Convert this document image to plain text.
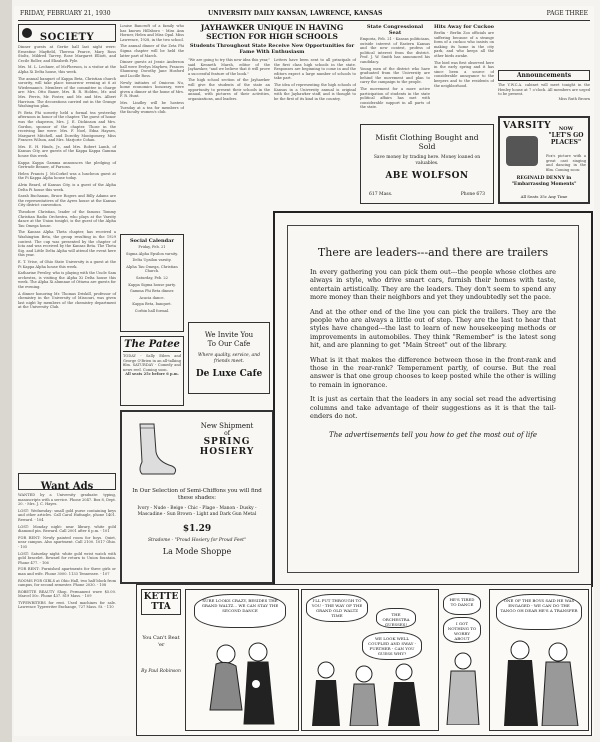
FRIDAY, FEBRUARY 21, 1930	UNIVERSITY DAILY KANSAN, LAWRENCE, KANSAS	PAGE THREE
SOCIETY

Dinner guests at Gertie hall last night were: Ernestine Mayfield, Theresa Pearce, Mary Ross Stoltz, Mildred Tarvey, Rose Margaret Elliott, and Cecile Roller, and Elizabeth Pyle.

Mrs. M. L. Lechner, of McPherson, is a visitor at the Alpha Xi Delta house, this week.

The annual banquet of Kappa Beta, Christian church sorority, will take place tomorrow evening at 6 at Wiedemann's. Members of the committee in charge are: Mrs. Otto Bauer, Mrs. B. R. Holden, Mr. and Mrs. Ferris, Mr. Foster, and Mr. and Mrs. Albert Harrison. The decorations carried out in the Grange Washington plan.

Pi Beta Phi sorority held a formal tea yesterday afternoon in honor of the chapter. The guest of honor was the chaperon, Mrs. J. E. Dickinson and Mrs. Gordon, sponsor of the chapter. Those in the receiving line were: Mrs. F. Noel, Edna Haynes, Margaret Mitchell, and Dorothy Montgomery, Miss Frances Wilson, and Mrs. Marjorie Cohan.

Mrs. E. H. Hinds, Jr., and Mrs. Robert Lamb, of Kansas City, are guests of the Kappa Kappa Gamma house this week.

Kappa Kappa Gamma announces the pledging of Gertrude Benner, of Parsons.

Helen Francis J. McCorkel was a luncheon guest at the Pi Kappa Alpha house today.

Alvin Beard, of Kansas City, is a guest of the Alpha Delta Pi house this week.

Sarah Buchanan, Bruce Rogers and Billy Adams are the representatives of the Ayres house at the Kansas City district convention.

Theodore Christian, leader of the famous Tommy Christian Radio Orchestra, who plays at the Varsity dance at the Union tonight, is the guest of the Alpha Tau Omega house.

The Kansas Alpha Theta chapter, has received a Washington Beta, the group resulting in the 1929 contest. The cup was presented by the chapter of Iota and was received by the Kansas Beta. The Theta Sig. and Little Delta Alpha will attend the event here this year.

E. T. Vrise, of Ohio State University is a guest at the Pi Kappa Alpha house this week.

Katharine Presley, who is playing with the Uncle Sam orchestra, is visiting the Alpha Xi Delta house this week. The Alpha Xi alumnae of Ottawa are guests for the evening.

A dinner honoring Mr. Thomas Driskill, professor of chemistry in the University of Missouri, was given last night by members of the chemistry department at the University Club.

Want Ads

WANTED by a University graduate: typing, manuscripts with a service. Phone 2047. Box 8, Dept. 20. - Mrs. J. C. Hayes.

LOST: Wednesday: small gold purse containing keys and other articles. Call Carol Hufnagle, phone 1401. Reward. - 104

LOST: Monday night: near library, white gold diamond pin. Reward. Call 2001 after 6 p.m. - 101

FOR RENT: Newly painted room for boys. Quiet, near campus. Also apartment. Call 2100. 1017 Ohio. - 105

LOST: Saturday night: white gold wrist watch with gold bracelet. Reward for return to Union fountain. Phone 477. - 106

FOR RENT: Furnished apartments for three girls or man and wife. Phone 3000. 1133 Tennessee. - 107

ROOMS FOR GIRLS at Ohio Hall, two half block from campus, for second semester. Phone 2030. - 108

BOBETTE BEAUTY Shop. Permanent wave $5.00. Marcel 50c. Phone 437. 819 Mass. - 109

TYPEWRITERS for rent. Used machines for sale. Lawrence Typewriter Exchange, 727 Mass. St. - 110

Louise Bancroft of a family who has known Hillsboro - Miss Ann Horner, Helen and Miss Opal. Miss Lawrence, 1928, in the two school.

The annual dinner of the Zeta Phi Sigma chapter will be held the latter part of March.

Dinner guests at Jessie Anderson hall were Evelyn Mayhew, Frances Shumway, Dorothy Jane Hosford and Lucille Ross.

Newly initiates of Omicron Nu, home economics honorary, were given a dinner at the home of Mrs. F. R. Hunt.

Mrs. Lindley will be hostess Tuesday at a tea for members of the faculty women's club.

Social Calendar

Friday, Feb. 21

Sigma Alpha Epsilon varsity.

Delta Upsilon varsity.

Alpha Tau Omega, Christian Church.

Saturday, Feb. 22

Kappa Sigma house party.

Gamma Phi Beta dinner.

Acacia dance.

Kappa Beta, banquet.

Corbin hall formal.

The Patee
TODAY - Sally Eilers and George O'Brien in an all-talking film. SATURDAY - Comedy and news reel. Coming soon.
All seats 25c before 6 p.m.
JAYHAWKER UNIQUE IN HAVING SECTION FOR HIGH SCHOOLS
Students Throughout State Receive New Opportunities for Fame With Enthusiasm

"We are going to try this new idea this year," said Kenneth Marsh, editor of the Jayhawker, "and we believe that it will prove a successful feature of the book."

The high school section of the Jayhawker will give the students of the state an opportunity to present their schools in the annual, with pictures of their activities, organizations, and leaders.

Letters have been sent to all principals of the first class high schools in the state. Responses are beginning to come in and the editors expect a large number of schools to take part.

The idea of representing the high schools of Kansas in a University annual is original with the Jayhawker staff, and is thought to be the first of its kind in the country.

We Invite You
To Our Cafe
Where quality, service, and friends meet.
De Luxe Cafe
New Shipment
of
SPRING
HOSIERY
In Our Selection of Semi-Chiffons you will find these shades:
Ivory - Nude - Beige - Chic - Plage - Manon - Dusky - Mascadine - Sun Brown - Light and Dark Gun Metal
$1.29
Stradome - "Proud Hosiery for Proud Feet"
La Mode Shoppe
State Congressional Seat

Emporia, Feb. 21 - Kansas politicians, outside interest of Eastern Kansas and the new contest, profess of political interest from the district. Prof. J. W. Smith has announced his candidacy.

Young men of the district who have graduated from the University are behind the movement and plan to carry the campaign to the people.

The movement for a more active participation of students in the state political affairs has met with considerable support in all parts of the state.

Hits Away for Cuckoo

Berlin - Berlin Zoo officials are suffering because of a strange form of a cuckoo who insists on making its home in the city park, and who keeps all the other birds awake.

The bird was first observed here in the early spring and it has since been a source of considerable annoyance to the keepers and to the residents of the neighborhood.

Misfit Clothing Bought and Sold
Save money by trading here. Money loaned on valuables.
ABE WOLFSON
617 Mass.	Phone 673
Announcements
The Y.W.C.A. cabinet will meet tonight in the Henley house at 7 o'clock. All members are urged to be present.
Miss Ruth Brown
VARSITY	NOW
"LET'S GO PLACES"
Fox's picture with a great cast singing and dancing in the film. Coming soon:
REGINALD DENNY in "Embarrassing Moments"
All Seats 35c Any Time
There are leaders---and there are trailers

In every gathering you can pick them out---the people whose clothes are always in style, who drive smart cars, furnish their homes with taste, entertain artistically. They are the leaders. They don't seem to spend any more money than their neighbors and yet they undoubtedly set the pace.

And at the other end of the line you can pick the trailers. They are the people who are always a little out of step. They are the last to hear that styles have changed---the last to learn of new housekeeping methods or improvements in automobiles. They think "Remember" is the latest song hit, and are planning to get "Main Street" out of the library.

What is it that makes the difference between those in the front-rank and those in the rear-rank? Temperament partly, of course. But the real answer is that one group chooses to keep posted while the other is willing to remain in ignorance.

It is just as certain that the leaders in any social set read the advertising columns and take advantage of their suggestions as it is that the tail-enders do not.

The advertisements tell you how to get the most out of life
KETTETTA
You Can't Beat 'er
By Paul Robinson
SURE LOOKS CRAZY, BESIDES THE GRAND WALTZ... WE CAN STAY THE SECOND DANCE
I'LL PUT THROUGH TO YOU - THE WAY OF THE GRAND OLD WALTZ TIME	THE ORCHESTRA GUESSES!
WE LOOK WELL COUPLED AND SWAY - FURTHER - CAN YOU GUESS WHY?
HE'S TIRED TO DANCE
I GOT NOTHING TO WORRY ABOUT
ONE OF THE BOYS SAID HE WAS ENGAGED - WE CAN DO THE TANGO OH DEAR HE'S A TRANSFER
